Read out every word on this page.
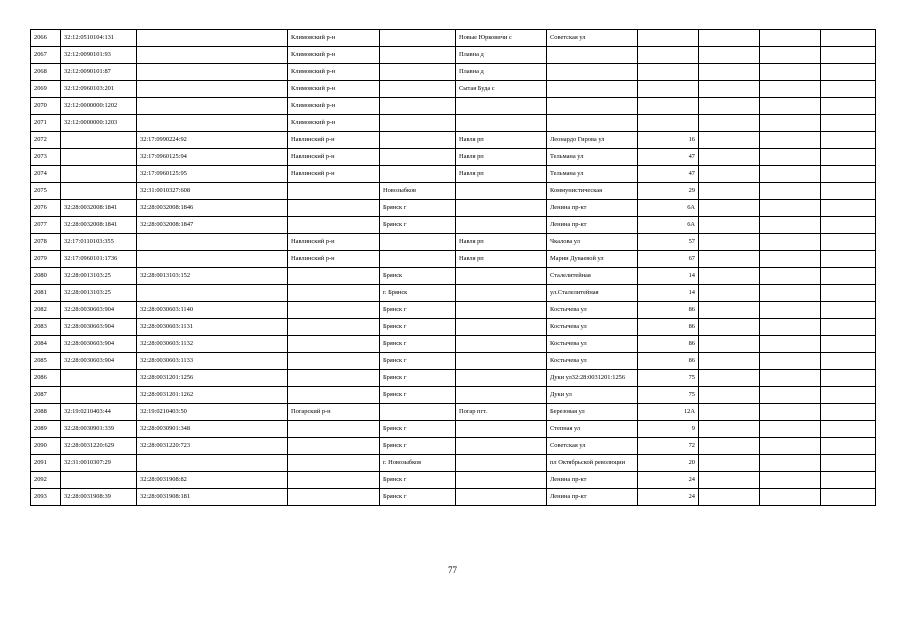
2066	32:12:0510104:131		Климовский р-н		Новые Юрковичи с	Советская ул				
2067	32:12:0090101:93		Климовский р-н		Плавна д					
2068	32:12:0090101:87		Климовский р-н		Плавна д					
2069	32:12:0960103:201		Климовский р-н		Сытая Буда с					
2070	32:12:0000000:1202		Климовский р-н							
2071	32:12:0000000:1203		Климовский р-н							
2072		32:17:0990224:92	Навлинский р-н		Навля рп	Леонардо Гирова ул	16			
2073		32:17:0960125:94	Навлинский р-н		Навля рп	Тельмана ул	47			
2074		32:17:0960125:95	Навлинский р-н		Навля рп	Тельмана ул	47			
2075		32:31:0010327:608		Новозыбков		Коммунистическая	29			
2076	32:28:0032008:1841	32:28:0032008:1846		Брянск г		Ленина пр-кт	6А			
2077	32:28:0032008:1841	32:28:0032008:1847		Брянск г		Ленина пр-кт	6А			
2078	32:17:0110103:355		Навлинский р-н		Навля рп	Чкалова ул	57			
2079	32:17:0960101:1736		Навлинский р-н		Навля рп	Марии Дуваевой ул	67			
2080	32:28:0013103:25	32:28:0013103:152		Брянск		Сталелитейная	14			
2081	32:28:0013103:25			г. Брянск		ул.Сталелитейная	14			
2082	32:28:0030603:904	32:28:0030603:1140		Брянск г		Костычева ул	86			
2083	32:28:0030603:904	32:28:0030603:1131		Брянск г		Костычева ул	86			
2084	32:28:0030603:904	32:28:0030603:1132		Брянск г		Костычева ул	86			
2085	32:28:0030603:904	32:28:0030603:1133		Брянск г		Костычева ул	86			
2086		32:28:0031201:1256		Брянск г		Дуки ул32:28:0031201:1256	75			
2087		32:28:0031201:1262		Брянск г		Дуки ул	75			
2088	32:19:0210403:44	32:19:0210403:50	Погарский р-н		Погар пгт.	Березовая ул	12А			
2089	32:28:0030901:339	32:28:0030901:348		Брянск г		Степная ул	9			
2090	32:28:0031220:629	32:28:0031220:723		Брянск г		Советская ул	72			
2091	32:31:0010307:29			г. Новозыбков		пл Октябрьской революции	20			
2092		32:28:0031908:82		Брянск г		Ленина пр-кт	24			
2093	32:28:0031908:39	32:28:0031908:181		Брянск г		Ленина пр-кт	24			
77
